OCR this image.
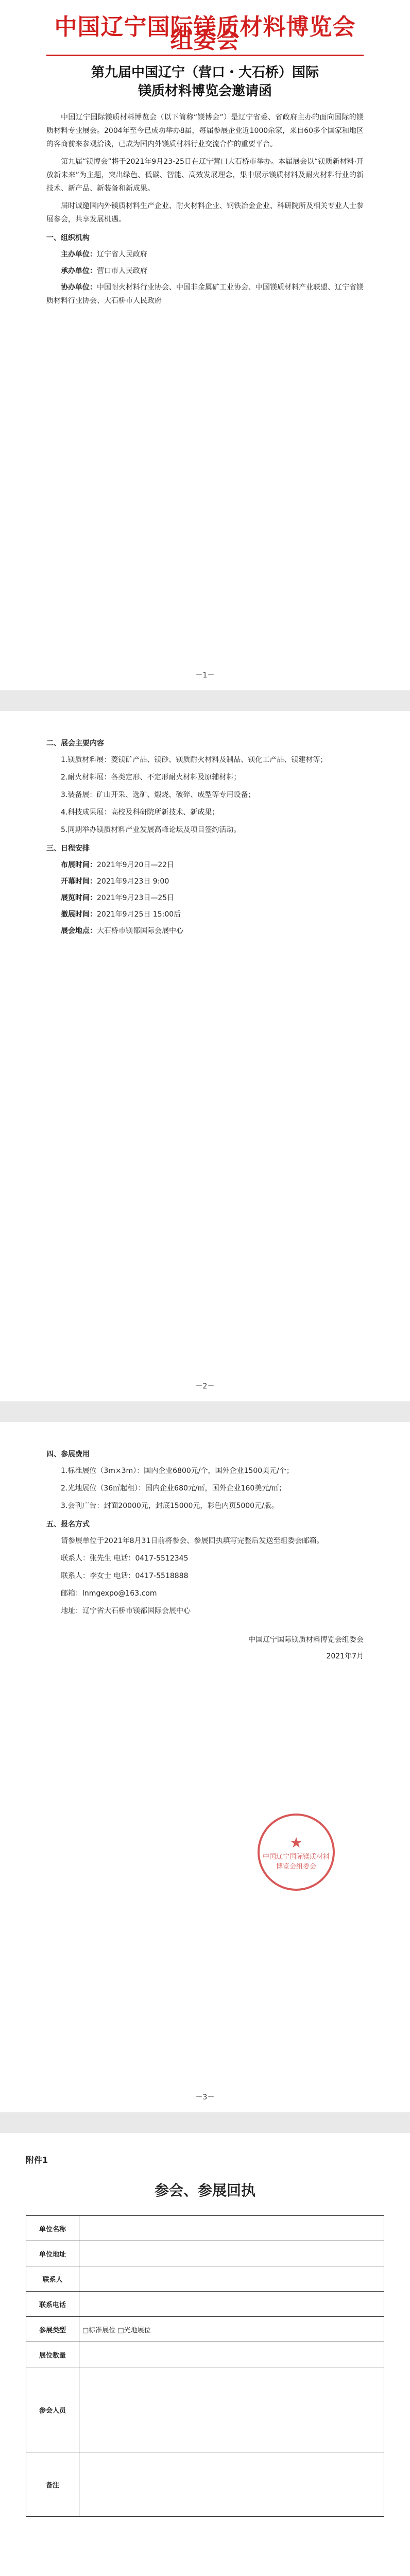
中国辽宁国际镁质材料博览会组委会
第九届中国辽宁（营口・大石桥）国际
镁质材料博览会邀请函

中国辽宁国际镁质材料博览会（以下简称“镁博会”）是辽宁省委、省政府主办的面向国际的镁质材料专业展会。2004年至今已成功举办8届，每届参展企业近1000余家，来自60多个国家和地区的客商前来参观洽谈，已成为国内外镁质材料行业交流合作的重要平台。

第九届“镁博会”将于2021年9月23-25日在辽宁营口大石桥市举办。本届展会以“镁质新材料·开放新未来”为主题，突出绿色、低碳、智能、高效发展理念，集中展示镁质材料及耐火材料行业的新技术、新产品、新装备和新成果。

届时诚邀国内外镁质材料生产企业、耐火材料企业、钢铁冶金企业、科研院所及相关专业人士参展参会，共享发展机遇。

一、组织机构
主办单位：辽宁省人民政府
承办单位：营口市人民政府
协办单位：中国耐火材料行业协会、中国非金属矿工业协会、中国镁质材料产业联盟、辽宁省镁质材料行业协会、大石桥市人民政府
－1－
二、展会主要内容

1.镁质材料展：菱镁矿产品、镁砂、镁质耐火材料及制品、镁化工产品、镁建材等；

2.耐火材料展：各类定形、不定形耐火材料及原辅材料；

3.装备展：矿山开采、选矿、煅烧、破碎、成型等专用设备；

4.科技成果展：高校及科研院所新技术、新成果；

5.同期举办镁质材料产业发展高峰论坛及项目签约活动。

三、日程安排
布展时间：2021年9月20日—22日
开幕时间：2021年9月23日 9:00
展览时间：2021年9月23日—25日
撤展时间：2021年9月25日 15:00后
展会地点：大石桥市镁都国际会展中心
－2－
四、参展费用

1.标准展位（3m×3m）：国内企业6800元/个，国外企业1500美元/个；

2.光地展位（36㎡起租）：国内企业680元/㎡，国外企业160美元/㎡；

3.会刊广告：封面20000元，封底15000元，彩色内页5000元/版。

五、报名方式

请参展单位于2021年8月31日前将参会、参展回执填写完整后发送至组委会邮箱。

联系人：张先生 电话：0417-5512345

联系人：李女士 电话：0417-5518888

邮箱：lnmgexpo@163.com

地址：辽宁省大石桥市镁都国际会展中心

中国辽宁国际镁质材料博览会组委会
2021年7月
★
中国辽宁国际镁质材料博览会组委会
－3－
附件1
参会、参展回执
单位名称	
单位地址	
联系人	
联系电话	
参展类型	□标准展位 □光地展位
展位数量	
参会人员	
备注	
